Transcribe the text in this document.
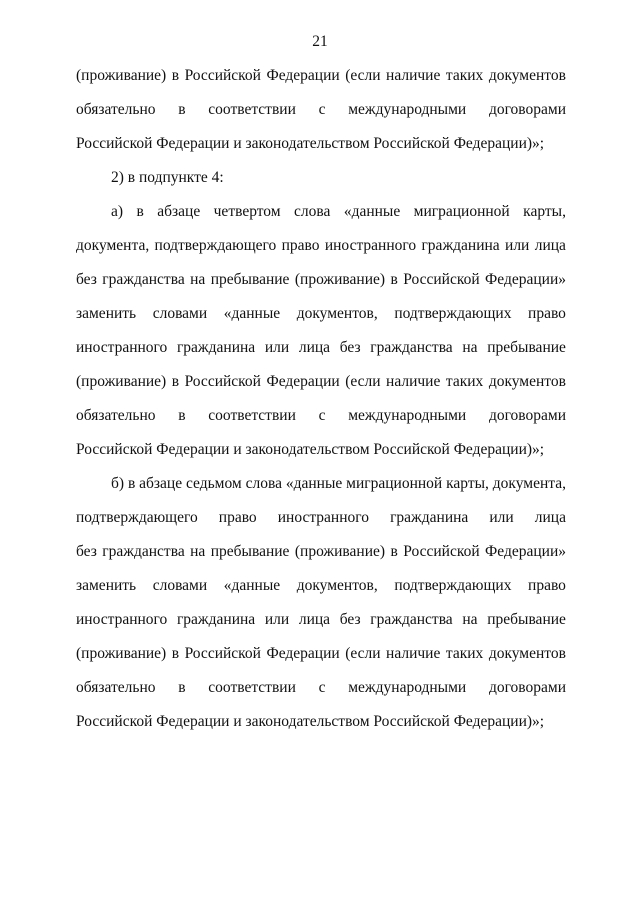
21
(проживание) в Российской Федерации (если наличие таких документов
обязательно в соответствии с международными договорами
Российской Федерации и законодательством Российской Федерации)»;
2) в подпункте 4:
а) в абзаце четвертом слова «данные миграционной карты,
документа, подтверждающего право иностранного гражданина или лица
без гражданства на пребывание (проживание) в Российской Федерации»
заменить словами «данные документов, подтверждающих право
иностранного гражданина или лица без гражданства на пребывание
(проживание) в Российской Федерации (если наличие таких документов
обязательно в соответствии с международными договорами
Российской Федерации и законодательством Российской Федерации)»;
б) в абзаце седьмом слова «данные миграционной карты, документа,
подтверждающего право иностранного гражданина или лица
без гражданства на пребывание (проживание) в Российской Федерации»
заменить словами «данные документов, подтверждающих право
иностранного гражданина или лица без гражданства на пребывание
(проживание) в Российской Федерации (если наличие таких документов
обязательно в соответствии с международными договорами
Российской Федерации и законодательством Российской Федерации)»;
